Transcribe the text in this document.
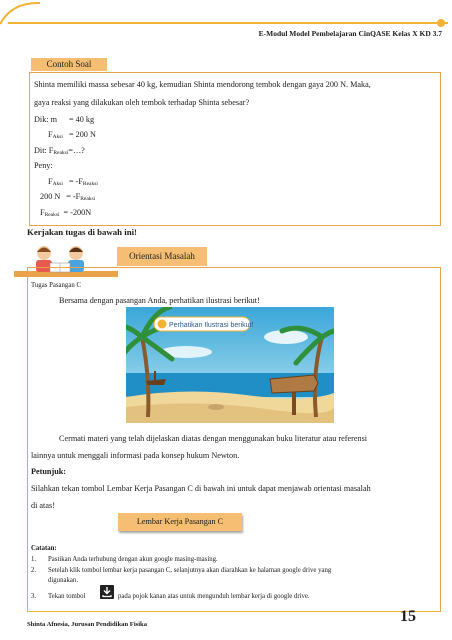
E-Modul Model Pembelajaran CinQASE Kelas X KD 3.7
Contoh Soal
Shinta memiliki massa sebesar 40 kg, kemudian Shinta mendorong tembok dengan gaya 200 N. Maka,
gaya reaksi yang dilakukan oleh tembok terhadap Shinta sebesar?
Dik: m = 40 kg
$F_{Aksi} = 200$ N
Dit: $F_{Reaksi}=\dots$?
Peny:
$F_{Aksi} = -F_{Reaksi}$
200 $N = -F_{Reaksi}$
$F_{Reaksi} = -200N$
Kerjakan tugas di bawah ini!
Orientasi Masalah
Tugas Pasangan C
Bersama dengan pasangan Anda, perhatikan ilustrasi berikut!
Perhatikan Ilustrasi berikut!
Cermati materi yang telah dijelaskan diatas dengan menggunakan buku literatur atau referensi
lainnya untuk menggali informasi pada konsep hukum Newton.
Petunjuk:
Silahkan tekan tombol Lembar Kerja Pasangan C di bawah ini untuk dapat menjawab orientasi masalah
di atas!
Lembar Kerja Pasangan C
Catatan:
1. Pastikan Anda terhubung dengan akun google masing-masing.
2. Setelah klik tombol lembar kerja pasangan C, selanjutnya akan diarahkan ke halaman google drive yang
digunakan.
3. Tekan tombol	pada pojok kanan atas untuk mengunduh lembar kerja di google drive.
Shinta Afnesia, Jurusan Pendidikan Fisika	15
